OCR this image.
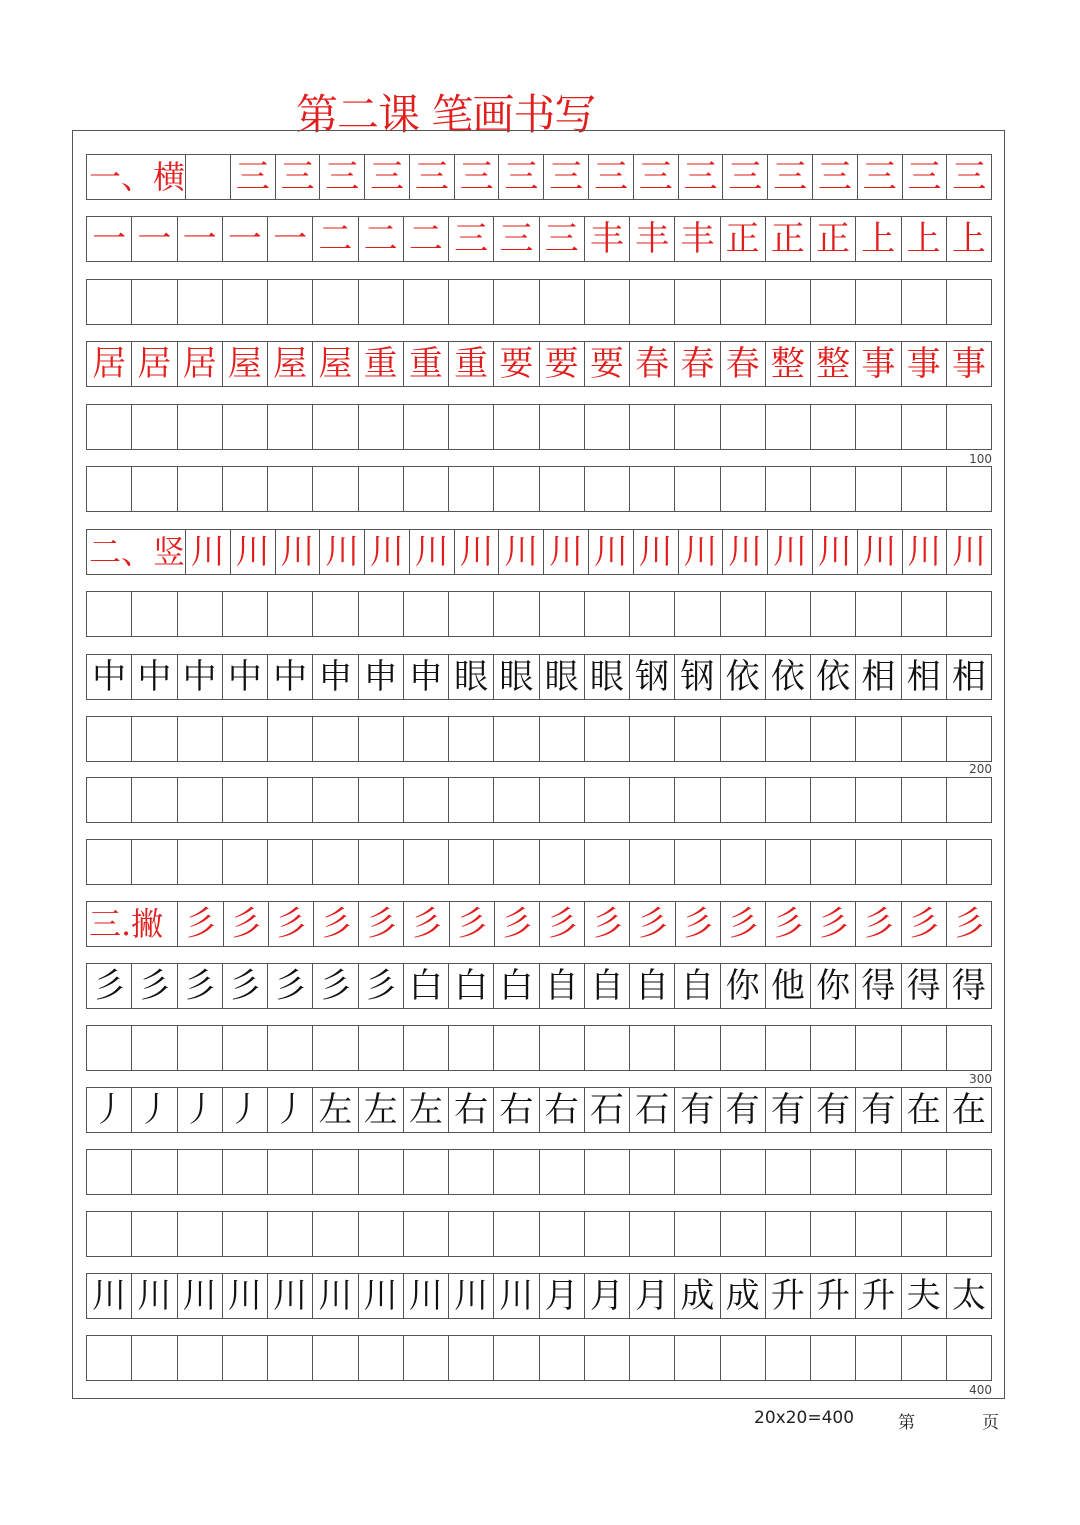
第二课 笔画书写
一、横 三 三 三 三 三 三 三 三 三 三 三 三 三 三 三 三 三
一 一 一 一 一 二 二 二 三 三 三 丰 丰 丰 正 正 正 上 上 上
居 居 居 屋 屋 屋 重 重 重 要 要 要 春 春 春 整 整 事 事 事
二、竖 川 川 川 川 川 川 川 川 川 川 川 川 川 川 川 川 川 川
中 中 中 中 中 申 申 申 眼 眼 眼 眼 钢 钢 依 依 依 相 相 相
三.撇 彡 彡 彡 彡 彡 彡 彡 彡 彡 彡 彡 彡 彡 彡 彡 彡 彡 彡
彡 彡 彡 彡 彡 彡 彡 白 白 白 自 自 自 自 你 他 你 得 得 得
丿 丿 丿 丿 丿 左 左 左 右 右 右 石 石 有 有 有 有 有 在 在
川 川 川 川 川 川 川 川 川 川 月 月 月 成 成 升 升 升 夫 太
100
200
300
400
20x20=400	第	页
